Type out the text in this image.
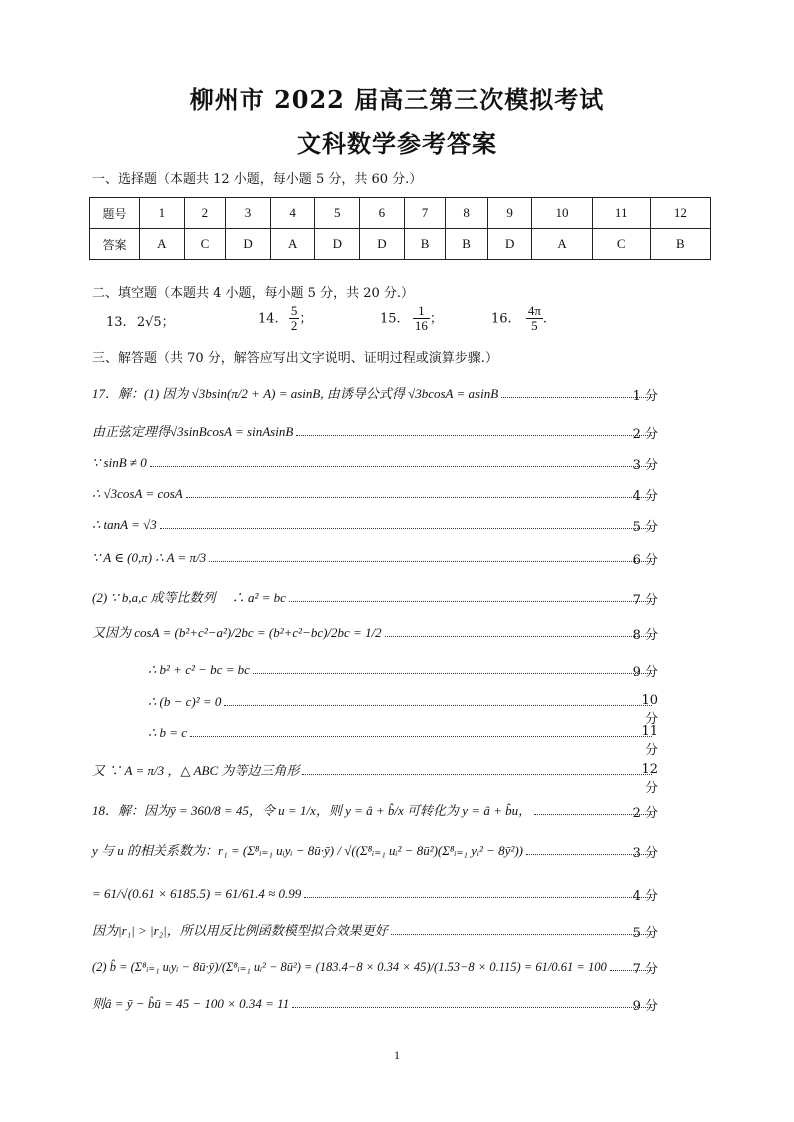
柳州市 2022 届高三第三次模拟考试
文科数学参考答案
一、选择题（本题共 12 小题，每小题 5 分，共 60 分.）
题号	1	2	3	4	5	6	7	8	9	10	11	12
答案	A	C	D	A	D	D	B	B	D	A	C	B
二、填空题（本题共 4 小题，每小题 5 分，共 20 分.）
13. 2√5；	14. $\frac{5}{2}$ ；	15. $\frac{1}{16}$ ；	16. $\frac{4\pi}{5}$ .
三、解答题（共 70 分，解答应写出文字说明、证明过程或演算步骤.）
17．解：(1) 因为 √3bsin(π/2 + A) = asinB, 由诱导公式得 √3bcosA = asinB	1 分
由正弦定理得√3sinBcosA = sinAsinB	2 分
∵ sinB ≠ 0	3 分
∴ √3cosA = cosA	4 分
∴ tanA = √3	5 分
∵ A ∈ (0,π) ∴ A = π/3	6 分
(2) ∵ b,a,c 成等比数列　 ∴ a² = bc	7 分
又因为 cosA = (b²+c²−a²)/2bc = (b²+c²−bc)/2bc = 1/2	8 分
∴ b² + c² − bc = bc	9 分
∴ (b − c)² = 0	10 分
∴ b = c	11 分
又 ∵ A = π/3 ，△ ABC 为等边三角形	12 分
18．解：因为ȳ = 360/8 = 45，令 u = 1/x，则 y = â + b̂/x 可转化为 y = â + b̂u，	2 分
y 与 u 的相关系数为：r₁ = (Σ⁸ᵢ₌₁ uᵢyᵢ − 8ū·ȳ) / √((Σ⁸ᵢ₌₁ uᵢ² − 8ū²)(Σ⁸ᵢ₌₁ yᵢ² − 8ȳ²))	3 分
= 61/√(0.61 × 6185.5) = 61/61.4 ≈ 0.99	4 分
因为|r₁| > |r₂|，所以用反比例函数模型拟合效果更好	5 分
(2) b̂ = (Σ⁸ᵢ₌₁ uᵢyᵢ − 8ū·ȳ)/(Σ⁸ᵢ₌₁ uᵢ² − 8ū²) = (183.4−8 × 0.34 × 45)/(1.53−8 × 0.115) = 61/0.61 = 100	7 分
则â = ȳ − b̂ū = 45 − 100 × 0.34 = 11	9 分
1
